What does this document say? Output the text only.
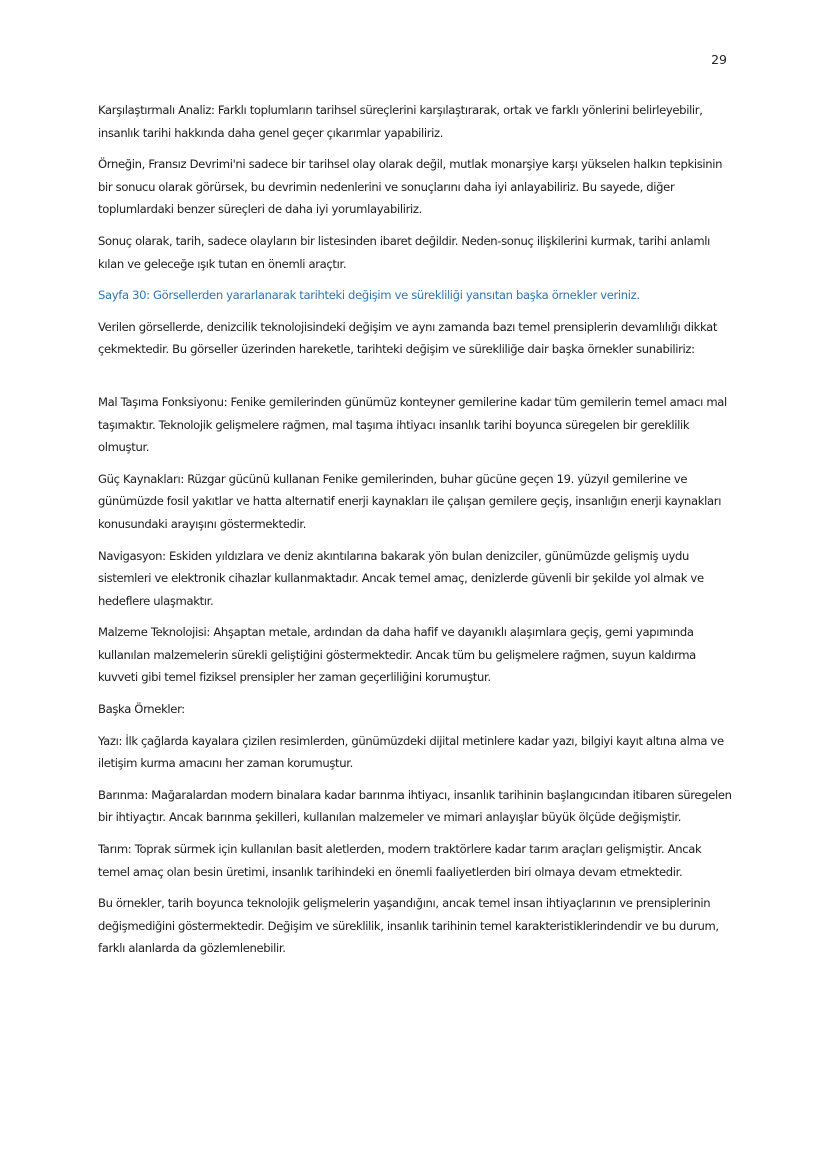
29

Karşılaştırmalı Analiz: Farklı toplumların tarihsel süreçlerini karşılaştırarak, ortak ve farklı yönlerini belirleyebilir, insanlık tarihi hakkında daha genel geçer çıkarımlar yapabiliriz.

Örneğin, Fransız Devrimi'ni sadece bir tarihsel olay olarak değil, mutlak monarşiye karşı yükselen halkın tepkisinin bir sonucu olarak görürsek, bu devrimin nedenlerini ve sonuçlarını daha iyi anlayabiliriz. Bu sayede, diğer toplumlardaki benzer süreçleri de daha iyi yorumlayabiliriz.

Sonuç olarak, tarih, sadece olayların bir listesinden ibaret değildir. Neden-sonuç ilişkilerini kurmak, tarihi anlamlı kılan ve geleceğe ışık tutan en önemli araçtır.

Sayfa 30: Görsellerden yararlanarak tarihteki değişim ve sürekliliği yansıtan başka örnekler veriniz.

Verilen görsellerde, denizcilik teknolojisindeki değişim ve aynı zamanda bazı temel prensiplerin devamlılığı dikkat çekmektedir. Bu görseller üzerinden hareketle, tarihteki değişim ve sürekliliğe dair başka örnekler sunabiliriz:

Mal Taşıma Fonksiyonu: Fenike gemilerinden günümüz konteyner gemilerine kadar tüm gemilerin temel amacı mal taşımaktır. Teknolojik gelişmelere rağmen, mal taşıma ihtiyacı insanlık tarihi boyunca süregelen bir gereklilik olmuştur.

Güç Kaynakları: Rüzgar gücünü kullanan Fenike gemilerinden, buhar gücüne geçen 19. yüzyıl gemilerine ve günümüzde fosil yakıtlar ve hatta alternatif enerji kaynakları ile çalışan gemilere geçiş, insanlığın enerji kaynakları konusundaki arayışını göstermektedir.

Navigasyon: Eskiden yıldızlara ve deniz akıntılarına bakarak yön bulan denizciler, günümüzde gelişmiş uydu sistemleri ve elektronik cihazlar kullanmaktadır. Ancak temel amaç, denizlerde güvenli bir şekilde yol almak ve hedeflere ulaşmaktır.

Malzeme Teknolojisi: Ahşaptan metale, ardından da daha hafif ve dayanıklı alaşımlara geçiş, gemi yapımında kullanılan malzemelerin sürekli geliştiğini göstermektedir. Ancak tüm bu gelişmelere rağmen, suyun kaldırma kuvveti gibi temel fiziksel prensipler her zaman geçerliliğini korumuştur.

Başka Örnekler:

Yazı: İlk çağlarda kayalara çizilen resimlerden, günümüzdeki dijital metinlere kadar yazı, bilgiyi kayıt altına alma ve iletişim kurma amacını her zaman korumuştur.

Barınma: Mağaralardan modern binalara kadar barınma ihtiyacı, insanlık tarihinin başlangıcından itibaren süregelen bir ihtiyaçtır. Ancak barınma şekilleri, kullanılan malzemeler ve mimari anlayışlar büyük ölçüde değişmiştir.

Tarım: Toprak sürmek için kullanılan basit aletlerden, modern traktörlere kadar tarım araçları gelişmiştir. Ancak temel amaç olan besin üretimi, insanlık tarihindeki en önemli faaliyetlerden biri olmaya devam etmektedir.

Bu örnekler, tarih boyunca teknolojik gelişmelerin yaşandığını, ancak temel insan ihtiyaçlarının ve prensiplerinin değişmediğini göstermektedir. Değişim ve süreklilik, insanlık tarihinin temel karakteristiklerindendir ve bu durum, farklı alanlarda da gözlemlenebilir.
